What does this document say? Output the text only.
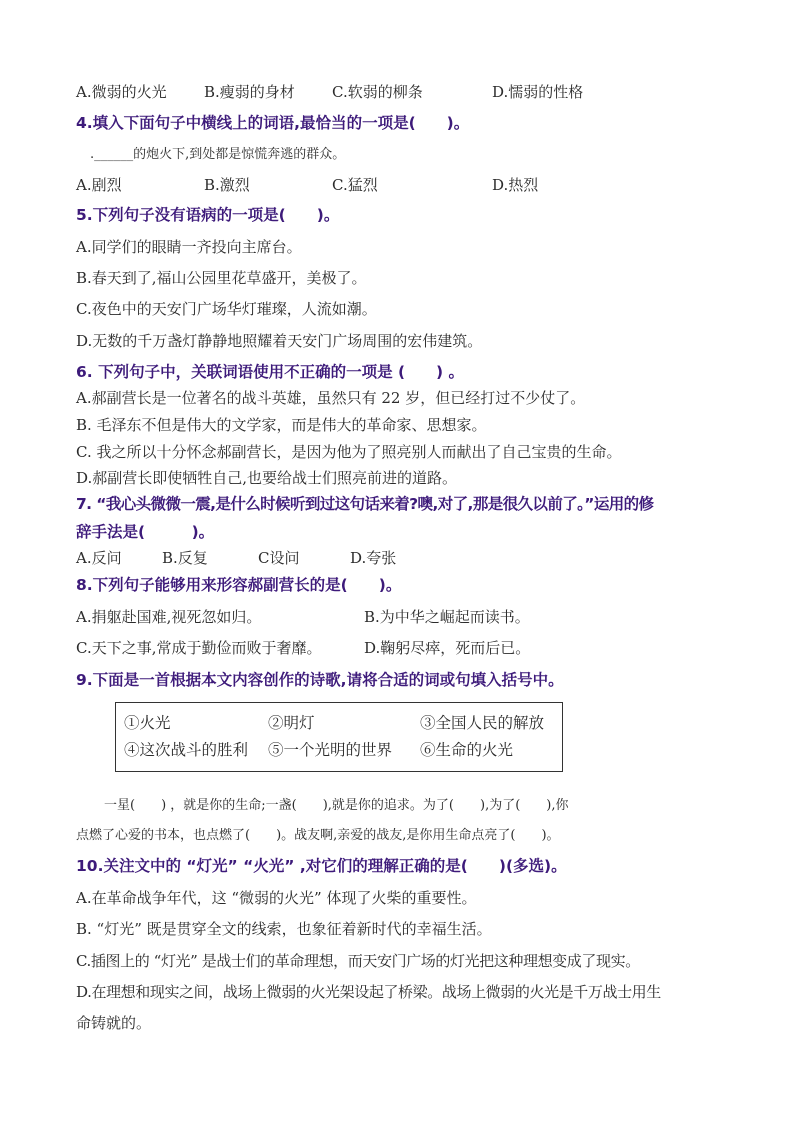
A.微弱的火光 B.瘦弱的身材 C.软弱的柳条	D.懦弱的性格
4.填入下面句子中横线上的词语,最恰当的一项是(　　)。
.______的炮火下,到处都是惊慌奔逃的群众。
A.剧烈	B.激烈	C.猛烈	D.热烈
5.下列句子没有语病的一项是(　　)。
A.同学们的眼睛一齐投向主席台。
B.春天到了,福山公园里花草盛开，美极了。
C.夜色中的天安门广场华灯璀璨，人流如潮。
D.无数的千万盏灯静静地照耀着天安门广场周围的宏伟建筑。
6. 下列句子中，关联词语使用不正确的一项是 (　　) 。
A.郝副营长是一位著名的战斗英雄，虽然只有 22 岁，但已经打过不少仗了。
B. 毛泽东不但是伟大的文学家，而是伟大的革命家、思想家。
C. 我之所以十分怀念郝副营长，是因为他为了照亮别人而献出了自己宝贵的生命。
D.郝副营长即使牺牲自己,也要给战士们照亮前进的道路。
7. “我心头微微一震,是什么时候听到过这句话来着?噢,对了,那是很久以前了。”运用的修
辞手法是(　　　)。
A.反问	B.反复	C设问	D.夸张
8.下列句子能够用来形容郝副营长的是(　　)。
A.捐躯赴国难,视死忽如归。	B.为中华之崛起而读书。
C.天下之事,常成于勤俭而败于奢靡。	D.鞠躬尽瘁，死而后已。
9.下面是一首根据本文内容创作的诗歌,请将合适的词或句填入括号中。
①火光	②明灯	③全国人民的解放
④这次战斗的胜利 ⑤一个光明的世界 ⑥生命的火光
一星(　　) ，就是你的生命;一盏(　　),就是你的追求。为了(　　),为了(　　),你
点燃了心爱的书本，也点燃了(　　)。战友啊,亲爱的战友,是你用生命点亮了(　　)。
10.关注文中的 “灯光” “火光” ,对它们的理解正确的是(　　)(多选)。
A.在革命战争年代，这 “微弱的火光” 体现了火柴的重要性。
B. “灯光” 既是贯穿全文的线索，也象征着新时代的幸福生活。
C.插图上的 “灯光” 是战士们的革命理想，而天安门广场的灯光把这种理想变成了现实。
D.在理想和现实之间，战场上微弱的火光架设起了桥梁。战场上微弱的火光是千万战士用生
命铸就的。
